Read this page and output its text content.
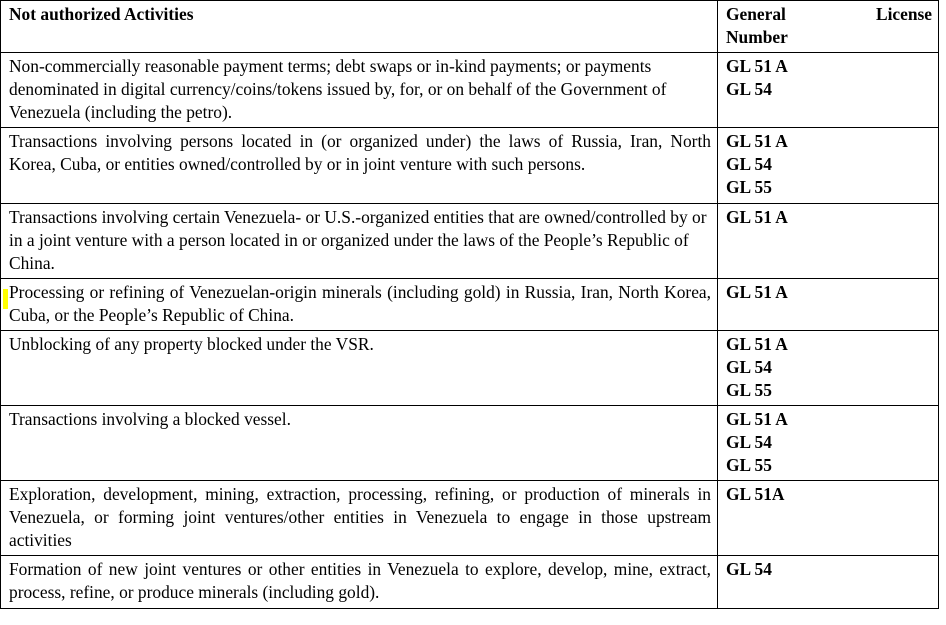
Not authorized Activities	General License
Number

Non-commercially reasonable payment terms; debt swaps or in-kind payments; or payments denominated in digital currency/coins/tokens issued by, for, or on behalf of the Government of Venezuela (including the petro).	GL 51 A
GL 54

Transactions involving persons located in (or organized under) the laws of Russia, Iran, North Korea, Cuba, or entities owned/controlled by or in joint venture with such persons.	GL 51 A
GL 54
GL 55

Transactions involving certain Venezuela- or U.S.-organized entities that are owned/controlled by or in a joint venture with a person located in or organized under the laws of the People’s Republic of China.	GL 51 A

Processing or refining of Venezuelan-origin minerals (including gold) in Russia, Iran, North Korea, Cuba, or the People’s Republic of China.	GL 51 A

Unblocking of any property blocked under the VSR.	GL 51 A
GL 54
GL 55

Transactions involving a blocked vessel.	GL 51 A
GL 54
GL 55

Exploration, development, mining, extraction, processing, refining, or production of minerals in Venezuela, or forming joint ventures/other entities in Venezuela to engage in those upstream activities	GL 51A

Formation of new joint ventures or other entities in Venezuela to explore, develop, mine, extract, process, refine, or produce minerals (including gold).	GL 54
